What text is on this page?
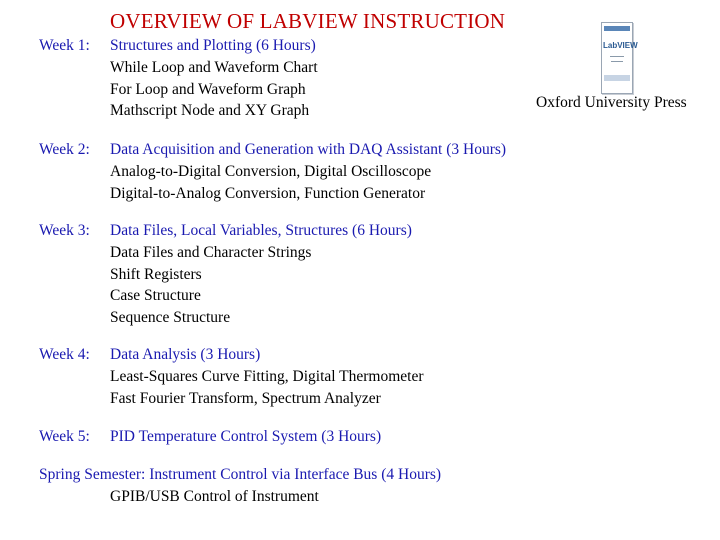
OVERVIEW OF LABVIEW INSTRUCTION
LabVIEW
Oxford University Press
Week 1: Structures and Plotting (6 Hours)
While Loop and Waveform Chart
For Loop and Waveform Graph
Mathscript Node and XY Graph
Week 2: Data Acquisition and Generation with DAQ Assistant (3 Hours)
Analog-to-Digital Conversion, Digital Oscilloscope
Digital-to-Analog Conversion, Function Generator
Week 3: Data Files, Local Variables, Structures (6 Hours)
Data Files and Character Strings
Shift Registers
Case Structure
Sequence Structure
Week 4: Data Analysis (3 Hours)
Least-Squares Curve Fitting, Digital Thermometer
Fast Fourier Transform, Spectrum Analyzer
Week 5: PID Temperature Control System (3 Hours)
Spring Semester: Instrument Control via Interface Bus (4 Hours)
GPIB/USB Control of Instrument
